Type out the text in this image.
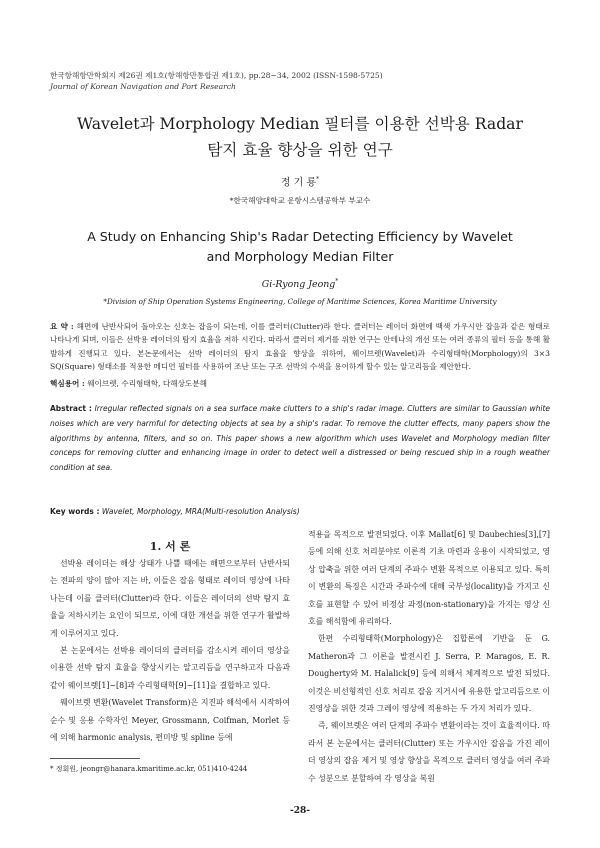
한국항해항만학회지 제26권 제1호(항해항만통합권 제1호), pp.28~34, 2002 (ISSN-1598-5725)
Journal of Korean Navigation and Port Research
Wavelet과 Morphology Median 필터를 이용한 선박용 Radar
탐지 효율 향상을 위한 연구
정 기 룡*
*한국해양대학교 운항시스템공학부 부교수
A Study on Enhancing Ship's Radar Detecting Efficiency by Wavelet
and Morphology Median Filter
Gi-Ryong Jeong*
*Division of Ship Operation Systems Engineering, College of Maritime Sciences, Korea Maritime University
요 약 : 해면에 난반사되어 돌아오는 신호는 잡음이 되는데, 이를 클러터(Clutter)라 한다. 클러터는 레이더 화면에 백색 가우시안 잡음과 같은 형태로 나타나게 되며, 이들은 선박용 레이더의 탐지 효율을 저하 시킨다. 따라서 클러터 제거를 위한 연구는 안테나의 개선 또는 여러 종류의 필터 등을 통해 활발하게 진행되고 있다. 본논문에서는 선박 레이더의 탐지 효율을 향상을 위하여, 웨이브렛(Wavelet)과 수리형태학(Morphology)의 3×3 SQ(Square) 형태소를 적용한 메디언 필터를 사용하여 조난 또는 구조 선박의 수색을 용이하게 할수 있는 알고리듬을 제안한다.
핵심용어 : 웨이브렛, 수리형태학, 다해상도분해
Abstract : Irregular reflected signals on a sea surface make clutters to a ship's radar image. Clutters are similar to Gaussian white noises which are very harmful for detecting objects at sea by a ship's radar. To remove the clutter effects, many papers show the algorithms by antenna, filters, and so on. This paper shows a new algorithm which uses Wavelet and Morphology median filter conceps for removing clutter and enhancing image in order to detect well a distressed or being rescued ship in a rough weather condition at sea.
Key words : Wavelet, Morphology, MRA(Multi-resolution Analysis)
1. 서 론

선박용 레이더는 해상 상태가 나쁠 때에는 해면으로부터 난반사되는 전파의 양이 많아 지는 바, 이들은 잡음 형태로 레이더 영상에 나타나는데 이를 클러터(Clutter)라 한다. 이들은 레이더의 선박 탐지 효율을 저하시키는 요인이 되므로, 이에 대한 개선을 위한 연구가 활발하게 이루어지고 있다.

본 논문에서는 선박용 레이더의 클러터를 감소시켜 레이더 영상을 이용한 선박 탐지 효율을 향상시키는 알고리듬을 연구하고자 다음과 같이 웨이브렛[1]~[8]과 수리형태학[9]~[11]을 결합하고 있다.

웨이브렛 변환(Wavelet Transform)은 지진파 해석에서 시작하여 순수 및 응용 수학자인 Meyer, Grossmann, Coifman, Morlet 등에 의해 harmonic analysis, 편미방 및 spline 등에

적용을 목적으로 발전되었다. 이후 Mallat[6] 및 Daubechies[3],[7] 등에 의해 신호 처리분야로 이론적 기초 마련과 응용이 시작되었고, 영상 압축을 위한 여러 단계의 주파수 변환 목적으로 이용되고 있다. 특히 이 변환의 특징은 시간과 주파수에 대해 국부성(locality)을 가지고 신호를 표현할 수 있어 비정상 과정(non-stationary)을 가지는 영상 신호를 해석함에 유리하다.

한편 수리형태학(Morphology)은 집합론에 기반을 둔 G. Matheron과 그 이론을 발전시킨 J. Serra, P. Maragos, E. R. Dougherty와 M. Halalick[9] 등에 의해서 체계적으로 발전 되었다. 이것은 비선형적인 신호 처리로 잡음 지거시에 유용한 알고리듬으로 이진영상을 위한 것과 그레이 영상에 적용하는 두 가지 처리가 있다.

즉, 웨이브렛은 여러 단계의 주파수 변환이라는 것이 효율적이다. 따라서 본 논문에서는 클러터(Clutter) 또는 가우시안 잡음을 가진 레이더 영상의 잡음 제거 및 영상 향상을 목적으로 클러터 영상을 여러 주파수 성분으로 분할하여 각 영상을 복원

* 정회원, jeongr@hanara.kmaritime.ac.kr, 051)410-4244
-28-
